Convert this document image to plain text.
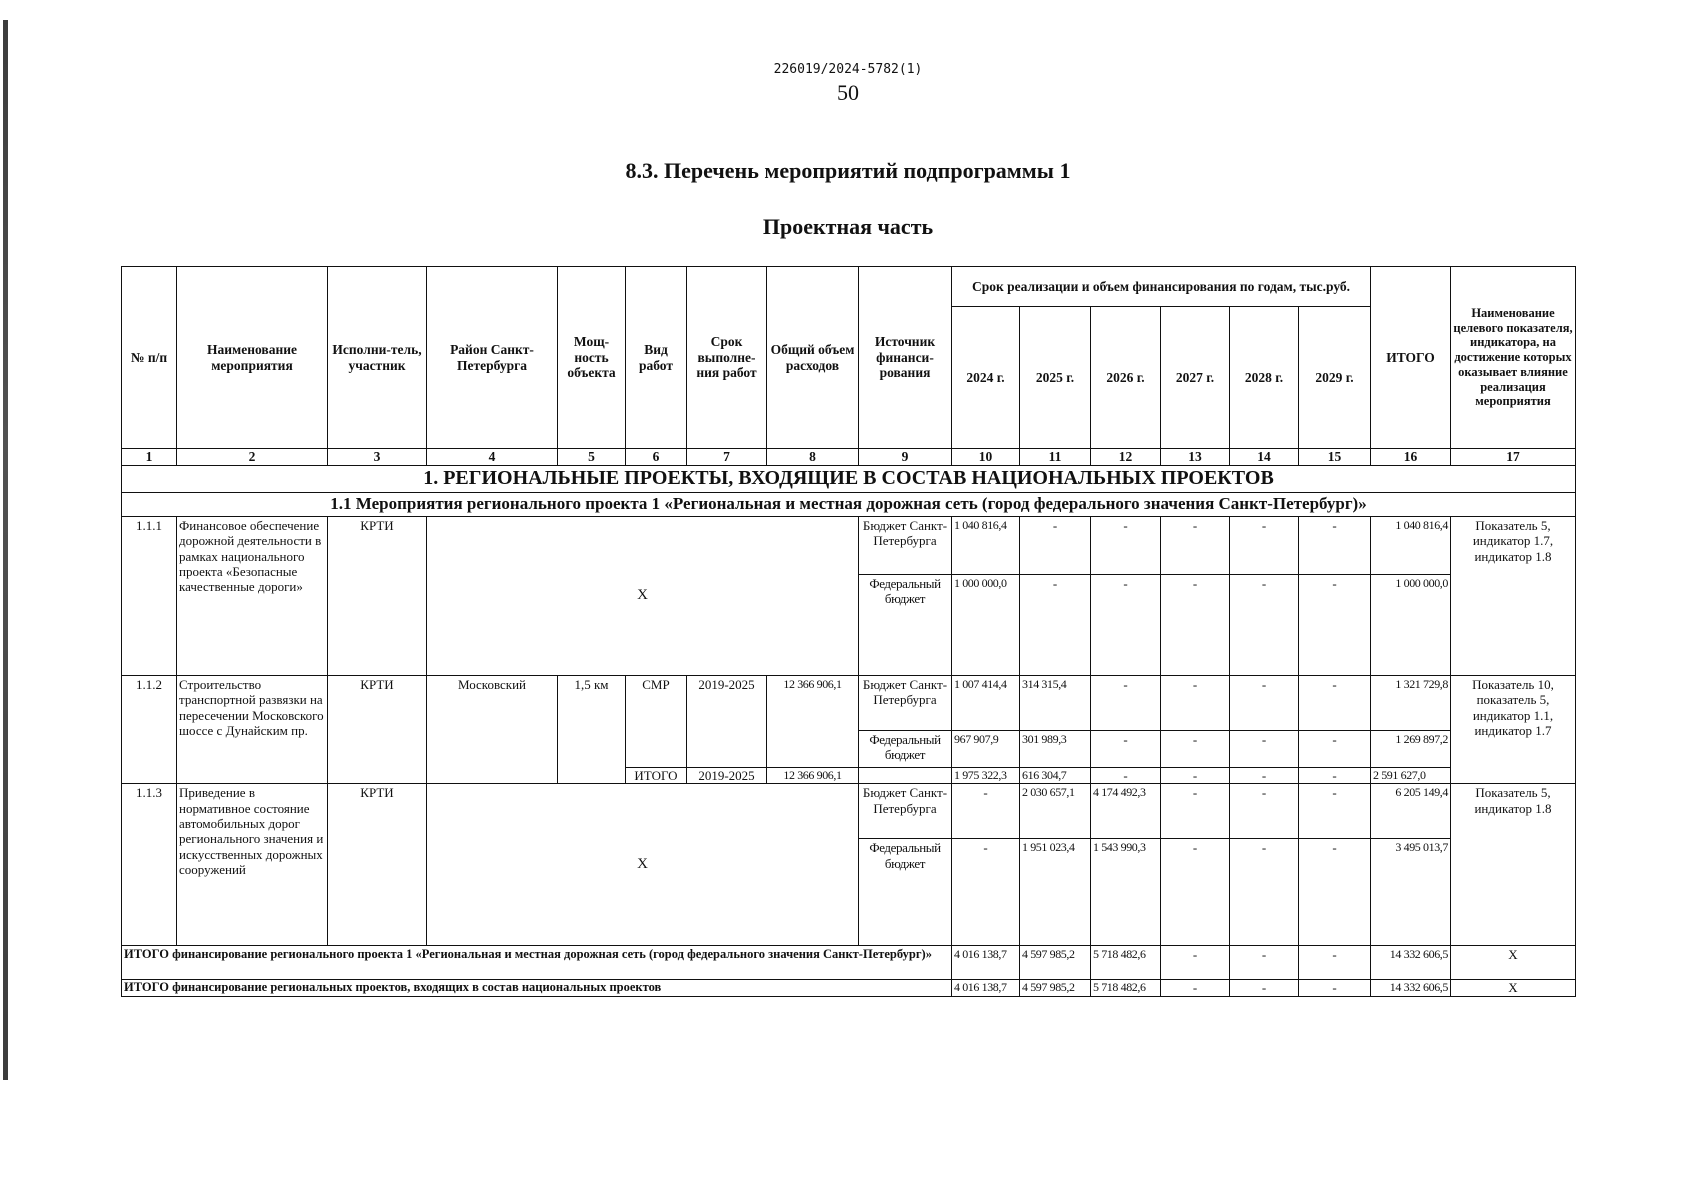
226019/2024-5782(1)
50
8.3. Перечень мероприятий подпрограммы 1
Проектная часть
№ п/п	Наименование мероприятия	Исполни-тель, участник	Район Санкт-Петербурга	Мощ-ность объекта	Вид работ	Срок выполне-ния работ	Общий объем расходов	Источник финанси-рования	Срок реализации и объем финансирования по годам, тыс.руб.						ИТОГО	Наименование целевого показателя, индикатора, на достижение которых оказывает влияние реализация мероприятия
									2024 г.	2025 г.	2026 г.	2027 г.	2028 г.	2029 г.		
1	2	3	4	5	6	7	8	9	10	11	12	13	14	15	16	17
1. РЕГИОНАЛЬНЫЕ ПРОЕКТЫ, ВХОДЯЩИЕ В СОСТАВ НАЦИОНАЛЬНЫХ ПРОЕКТОВ																
1.1 Мероприятия регионального проекта 1 «Региональная и местная дорожная сеть (город федерального значения Санкт-Петербург)»																
1.1.1	Финансовое обеспечение дорожной деятельности в рамках национального проекта «Безопасные качественные дороги»	КРТИ	Х					Бюджет Санкт-Петербурга	1 040 816,4	-	-	-	-	-	1 040 816,4	Показатель 5, индикатор 1.7, индикатор 1.8
								Федеральный бюджет	1 000 000,0	-	-	-	-	-	1 000 000,0	
1.1.2	Строительство транспортной развязки на пересечении Московского шоссе с Дунайским пр.	КРТИ	Московский	1,5 км	СМР	2019-2025	12 366 906,1	Бюджет Санкт-Петербурга	1 007 414,4	314 315,4	-	-	-	-	1 321 729,8	Показатель 10, показатель 5, индикатор 1.1, индикатор 1.7
								Федеральный бюджет	967 907,9	301 989,3	-	-	-	-	1 269 897,2	
					ИТОГО	2019-2025	12 366 906,1		1 975 322,3	616 304,7	-	-	-	-	2 591 627,0	
1.1.3	Приведение в нормативное состояние автомобильных дорог регионального значения и искусственных дорожных сооружений	КРТИ	Х					Бюджет Санкт-Петербурга	-	2 030 657,1	4 174 492,3	-	-	-	6 205 149,4	Показатель 5, индикатор 1.8
								Федеральный бюджет	-	1 951 023,4	1 543 990,3	-	-	-	3 495 013,7	
ИТОГО финансирование регионального проекта 1 «Региональная и местная дорожная сеть (город федерального значения Санкт-Петербург)»									4 016 138,7	4 597 985,2	5 718 482,6	-	-	-	14 332 606,5	Х
ИТОГО финансирование региональных проектов, входящих в состав национальных проектов									4 016 138,7	4 597 985,2	5 718 482,6	-	-	-	14 332 606,5	Х
